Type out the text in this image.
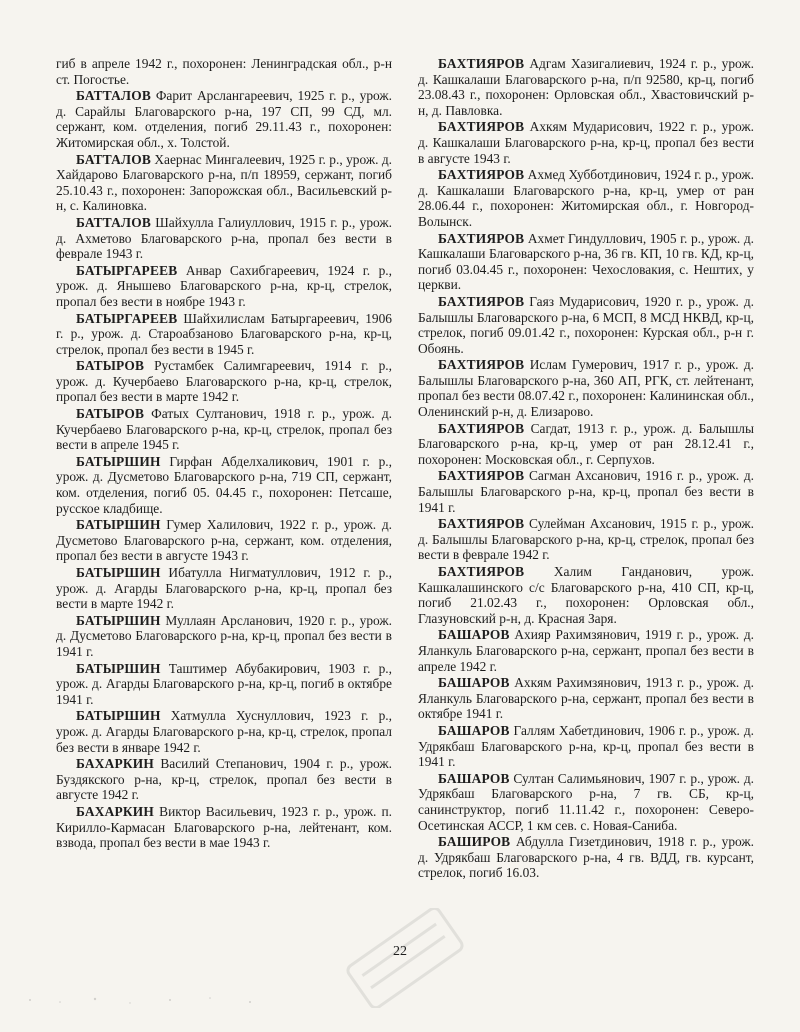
гиб в апреле 1942 г., похоронен: Ленинградская обл., р-н ст. Погостье.

БАТТАЛОВ Фарит Арслангареевич, 1925 г. р., урож. д. Сарайлы Благоварского р-на, 197 СП, 99 СД, мл. сержант, ком. отделения, погиб 29.11.43 г., похоронен: Житомирская обл., х. Толстой.

БАТТАЛОВ Хаернас Мингалеевич, 1925 г. р., урож. д. Хайдарово Благоварского р-на, п/п 18959, сержант, погиб 25.10.43 г., похоронен: Запорожская обл., Васильевский р-н, с. Калиновка.

БАТТАЛОВ Шайхулла Галиуллович, 1915 г. р., урож. д. Ахметово Благоварского р-на, пропал без вести в феврале 1943 г.

БАТЫРГАРЕЕВ Анвар Сахибгареевич, 1924 г. р., урож. д. Янышево Благоварского р-на, кр-ц, стрелок, пропал без вести в ноябре 1943 г.

БАТЫРГАРЕЕВ Шайхилислам Батыргареевич, 1906 г. р., урож. д. Староабзаново Благоварского р-на, кр-ц, стрелок, пропал без вести в 1945 г.

БАТЫРОВ Рустамбек Салимгареевич, 1914 г. р., урож. д. Кучербаево Благоварского р-на, кр-ц, стрелок, пропал без вести в марте 1942 г.

БАТЫРОВ Фатых Султанович, 1918 г. р., урож. д. Кучербаево Благоварского р-на, кр-ц, стрелок, пропал без вести в апреле 1945 г.

БАТЫРШИН Гирфан Абделхаликович, 1901 г. р., урож. д. Дусметово Благоварского р-на, 719 СП, сержант, ком. отделения, погиб 05. 04.45 г., похоронен: Петсаше, русское кладбище.

БАТЫРШИН Гумер Халилович, 1922 г. р., урож. д. Дусметово Благоварского р-на, сержант, ком. отделения, пропал без вести в августе 1943 г.

БАТЫРШИН Ибатулла Нигматуллович, 1912 г. р., урож. д. Агарды Благоварского р-на, кр-ц, пропал без вести в марте 1942 г.

БАТЫРШИН Муллаян Арсланович, 1920 г. р., урож. д. Дусметово Благоварского р-на, кр-ц, пропал без вести в 1941 г.

БАТЫРШИН Таштимер Абубакирович, 1903 г. р., урож. д. Агарды Благоварского р-на, кр-ц, погиб в октябре 1941 г.

БАТЫРШИН Хатмулла Хуснуллович, 1923 г. р., урож. д. Агарды Благоварского р-на, кр-ц, стрелок, пропал без вести в январе 1942 г.

БАХАРКИН Василий Степанович, 1904 г. р., урож. Буздякского р-на, кр-ц, стрелок, пропал без вести в августе 1942 г.

БАХАРКИН Виктор Васильевич, 1923 г. р., урож. п. Кирилло-Кармасан Благоварского р-на, лейтенант, ком. взвода, пропал без вести в мае 1943 г.

БАХТИЯРОВ Адгам Хазигалиевич, 1924 г. р., урож. д. Кашкалаши Благоварского р-на, п/п 92580, кр-ц, погиб 23.08.43 г., похоронен: Орловская обл., Хвастовичский р-н, д. Павловка.

БАХТИЯРОВ Ахкям Мударисович, 1922 г. р., урож. д. Кашкалаши Благоварского р-на, кр-ц, пропал без вести в августе 1943 г.

БАХТИЯРОВ Ахмед Хубботдинович, 1924 г. р., урож. д. Кашкалаши Благоварского р-на, кр-ц, умер от ран 28.06.44 г., похоронен: Житомирская обл., г. Новгород-Волынск.

БАХТИЯРОВ Ахмет Гиндуллович, 1905 г. р., урож. д. Кашкалаши Благоварского р-на, 36 гв. КП, 10 гв. КД, кр-ц, погиб 03.04.45 г., похоронен: Чехословакия, с. Нештих, у церкви.

БАХТИЯРОВ Гаяз Мударисович, 1920 г. р., урож. д. Балышлы Благоварского р-на, 6 МСП, 8 МСД НКВД, кр-ц, стрелок, погиб 09.01.42 г., похоронен: Курская обл., р-н г. Обоянь.

БАХТИЯРОВ Ислам Гумерович, 1917 г. р., урож. д. Балышлы Благоварского р-на, 360 АП, РГК, ст. лейтенант, пропал без вести 08.07.42 г., похоронен: Калининская обл., Оленинский р-н, д. Елизарово.

БАХТИЯРОВ Сагдат, 1913 г. р., урож. д. Балышлы Благоварского р-на, кр-ц, умер от ран 28.12.41 г., похоронен: Московская обл., г. Серпухов.

БАХТИЯРОВ Сагман Ахсанович, 1916 г. р., урож. д. Балышлы Благоварского р-на, кр-ц, пропал без вести в 1941 г.

БАХТИЯРОВ Сулейман Ахсанович, 1915 г. р., урож. д. Балышлы Благоварского р-на, кр-ц, стрелок, пропал без вести в феврале 1942 г.

БАХТИЯРОВ Халим Ганданович, урож. Кашкалашинского с/с Благоварского р-на, 410 СП, кр-ц, погиб 21.02.43 г., похоронен: Орловская обл., Глазуновский р-н, д. Красная Заря.

БАШАРОВ Ахияр Рахимзянович, 1919 г. р., урож. д. Яланкуль Благоварского р-на, сержант, пропал без вести в апреле 1942 г.

БАШАРОВ Ахкям Рахимзянович, 1913 г. р., урож. д. Яланкуль Благоварского р-на, сержант, пропал без вести в октябре 1941 г.

БАШАРОВ Галлям Хабетдинович, 1906 г. р., урож. д. Удрякбаш Благоварского р-на, кр-ц, пропал без вести в 1941 г.

БАШАРОВ Султан Салимьянович, 1907 г. р., урож. д. Удрякбаш Благоварского р-на, 7 гв. СБ, кр-ц, санинструктор, погиб 11.11.42 г., похоронен: Северо-Осетинская АССР, 1 км сев. с. Новая-Саниба.

БАШИРОВ Абдулла Гизетдинович, 1918 г. р., урож. д. Удрякбаш Благоварского р-на, 4 гв. ВДД, гв. курсант, стрелок, погиб 16.03.

22
